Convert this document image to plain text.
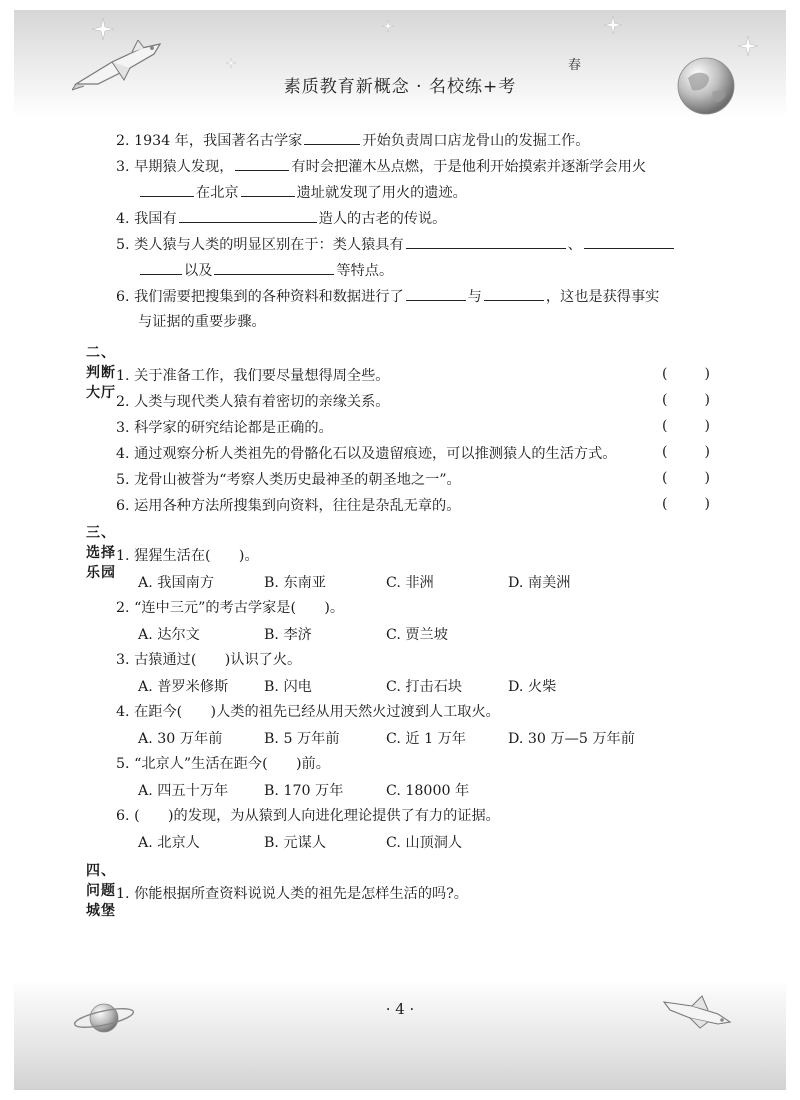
春
素质教育新概念 · 名校练+考
2. 1934 年，我国著名古学家	开始负责周口店龙骨山的发掘工作。
3. 早期猿人发现，	有时会把灌木丛点燃，于是他利开始摸索并逐渐学会用火
在北京	遗址就发现了用火的遗迹。
4. 我国有	造人的古老的传说。
5. 类人猿与人类的明显区别在于：类人猿具有	、
以及	等特点。
6. 我们需要把搜集到的各种资料和数据进行了	与	，这也是获得事实
与证据的重要步骤。
二、判断大厅
1. 关于准备工作，我们要尽量想得周全些。	(	)
2. 人类与现代类人猿有着密切的亲缘关系。	(	)
3. 科学家的研究结论都是正确的。	(	)
4. 通过观察分析人类祖先的骨骼化石以及遗留痕迹，可以推测猿人的生活方式。	(	)
5. 龙骨山被誉为“考察人类历史最神圣的朝圣地之一”。	(	)
6. 运用各种方法所搜集到向资料，往往是杂乱无章的。	(	)
三、选择乐园
1. 猩猩生活在(　　)。
A. 我国南方	B. 东南亚	C. 非洲	D. 南美洲
2. “连中三元”的考古学家是(　　)。
A. 达尔文	B. 李济	C. 贾兰坡
3. 古猿通过(　　)认识了火。
A. 普罗米修斯	B. 闪电	C. 打击石块	D. 火柴
4. 在距今(　　)人类的祖先已经从用天然火过渡到人工取火。
A. 30 万年前	B. 5 万年前	C. 近 1 万年	D. 30 万—5 万年前
5. “北京人”生活在距今(　　)前。
A. 四五十万年	B. 170 万年	C. 18000 年
6. (　　)的发现，为从猿到人向进化理论提供了有力的证据。
A. 北京人	B. 元谋人	C. 山顶洞人
四、问题城堡
1. 你能根据所查资料说说人类的祖先是怎样生活的吗?。
· 4 ·
